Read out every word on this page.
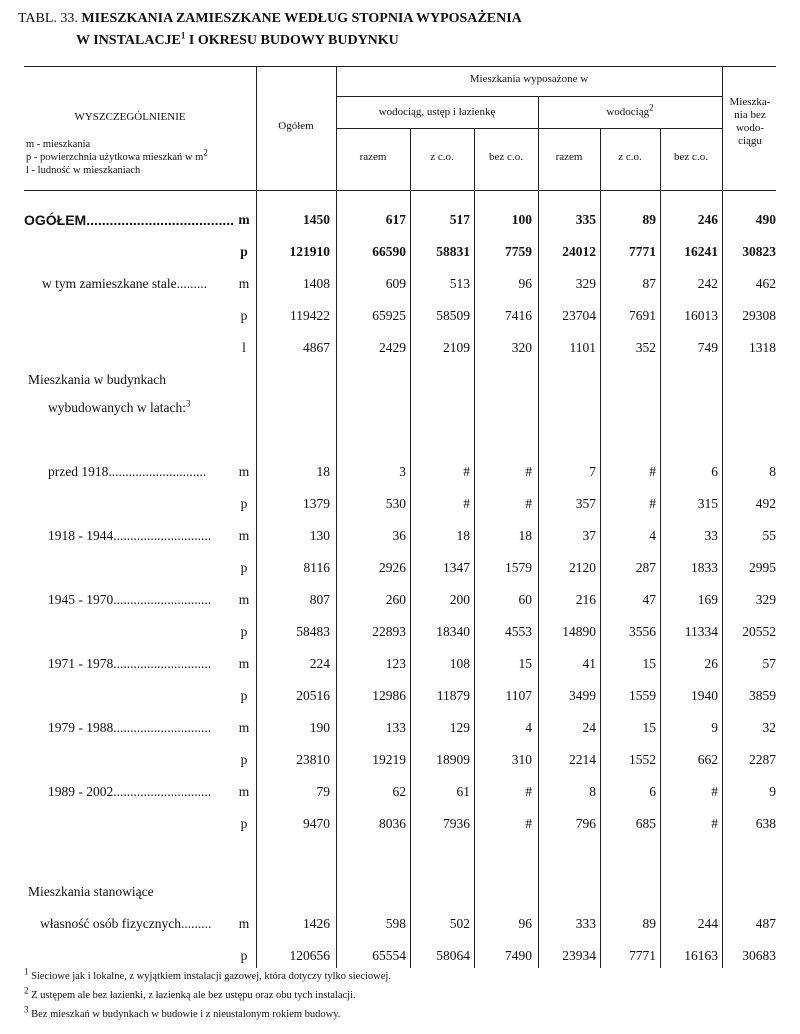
TABL. 33. MIESZKANIA ZAMIESZKANE WEDŁUG STOPNIA WYPOSAŻENIA
W INSTALACJE$^1$ I OKRESU BUDOWY BUDYNKU
WYSZCZEGÓLNIENIE
m - mieszkania
p - powierzchnia użytkowa mieszkań w $m^2$
l - ludność w mieszkaniach
Ogółem
Mieszkania wyposażone w
wodociąg, ustęp i łazienkę	wodociąg$^2$	Mieszka-
nia bez
wodo-
ciągu
razem	z c.o.	bez c.o.	razem	z c.o.	bez c.o.
OGÓŁEM...................................... m	1450	617	517	100	335	89	246	490
p	121910	66590 58831	7759 24012 7771 16241 30823
w tym zamieszkane stale......... m	1408	609	513	96	329	87	242	462
p	119422	65925 58509	7416 23704 7691 16013 29308
l	4867	2429	2109	320	1101	352	749 1318
Mieszkania w budynkach
wybudowanych w latach:$^3$
przed 1918............................. m	18	3	#	#	7	#	6	8
p	1379	530	#	#	357	#	315	492
1918 - 1944............................. m	130	36	18	18	37	4	33	55
p	8116	2926	1347	1579	2120	287	1833 2995
1945 - 1970............................. m	807	260	200	60	216	47	169	329
p	58483	22893 18340	4553 14890 3556 11334 20552
1971 - 1978............................. m	224	123	108	15	41	15	26	57
p	20516	12986 11879	1107	3499 1559	1940 3859
1979 - 1988............................. m	190	133	129	4	24	15	9	32
p	23810	19219 18909	310	2214 1552	662 2287
1989 - 2002............................. m	79	62	61	#	8	6	#	9
p	9470	8036	7936	#	796	685	#	638
Mieszkania stanowiące
własność osób fizycznych......... m	1426	598	502	96	333	89	244	487
p	120656	65554 58064	7490 23934 7771 16163 30683
$^1$ Sieciowe jak i lokalne, z wyjątkiem instalacji gazowej, która dotyczy tylko sieciowej.
$^2$ Z ustępem ale bez łazienki, z łazienką ale bez ustępu oraz obu tych instalacji.
$^3$ Bez mieszkań w budynkach w budowie i z nieustalonym rokiem budowy.
